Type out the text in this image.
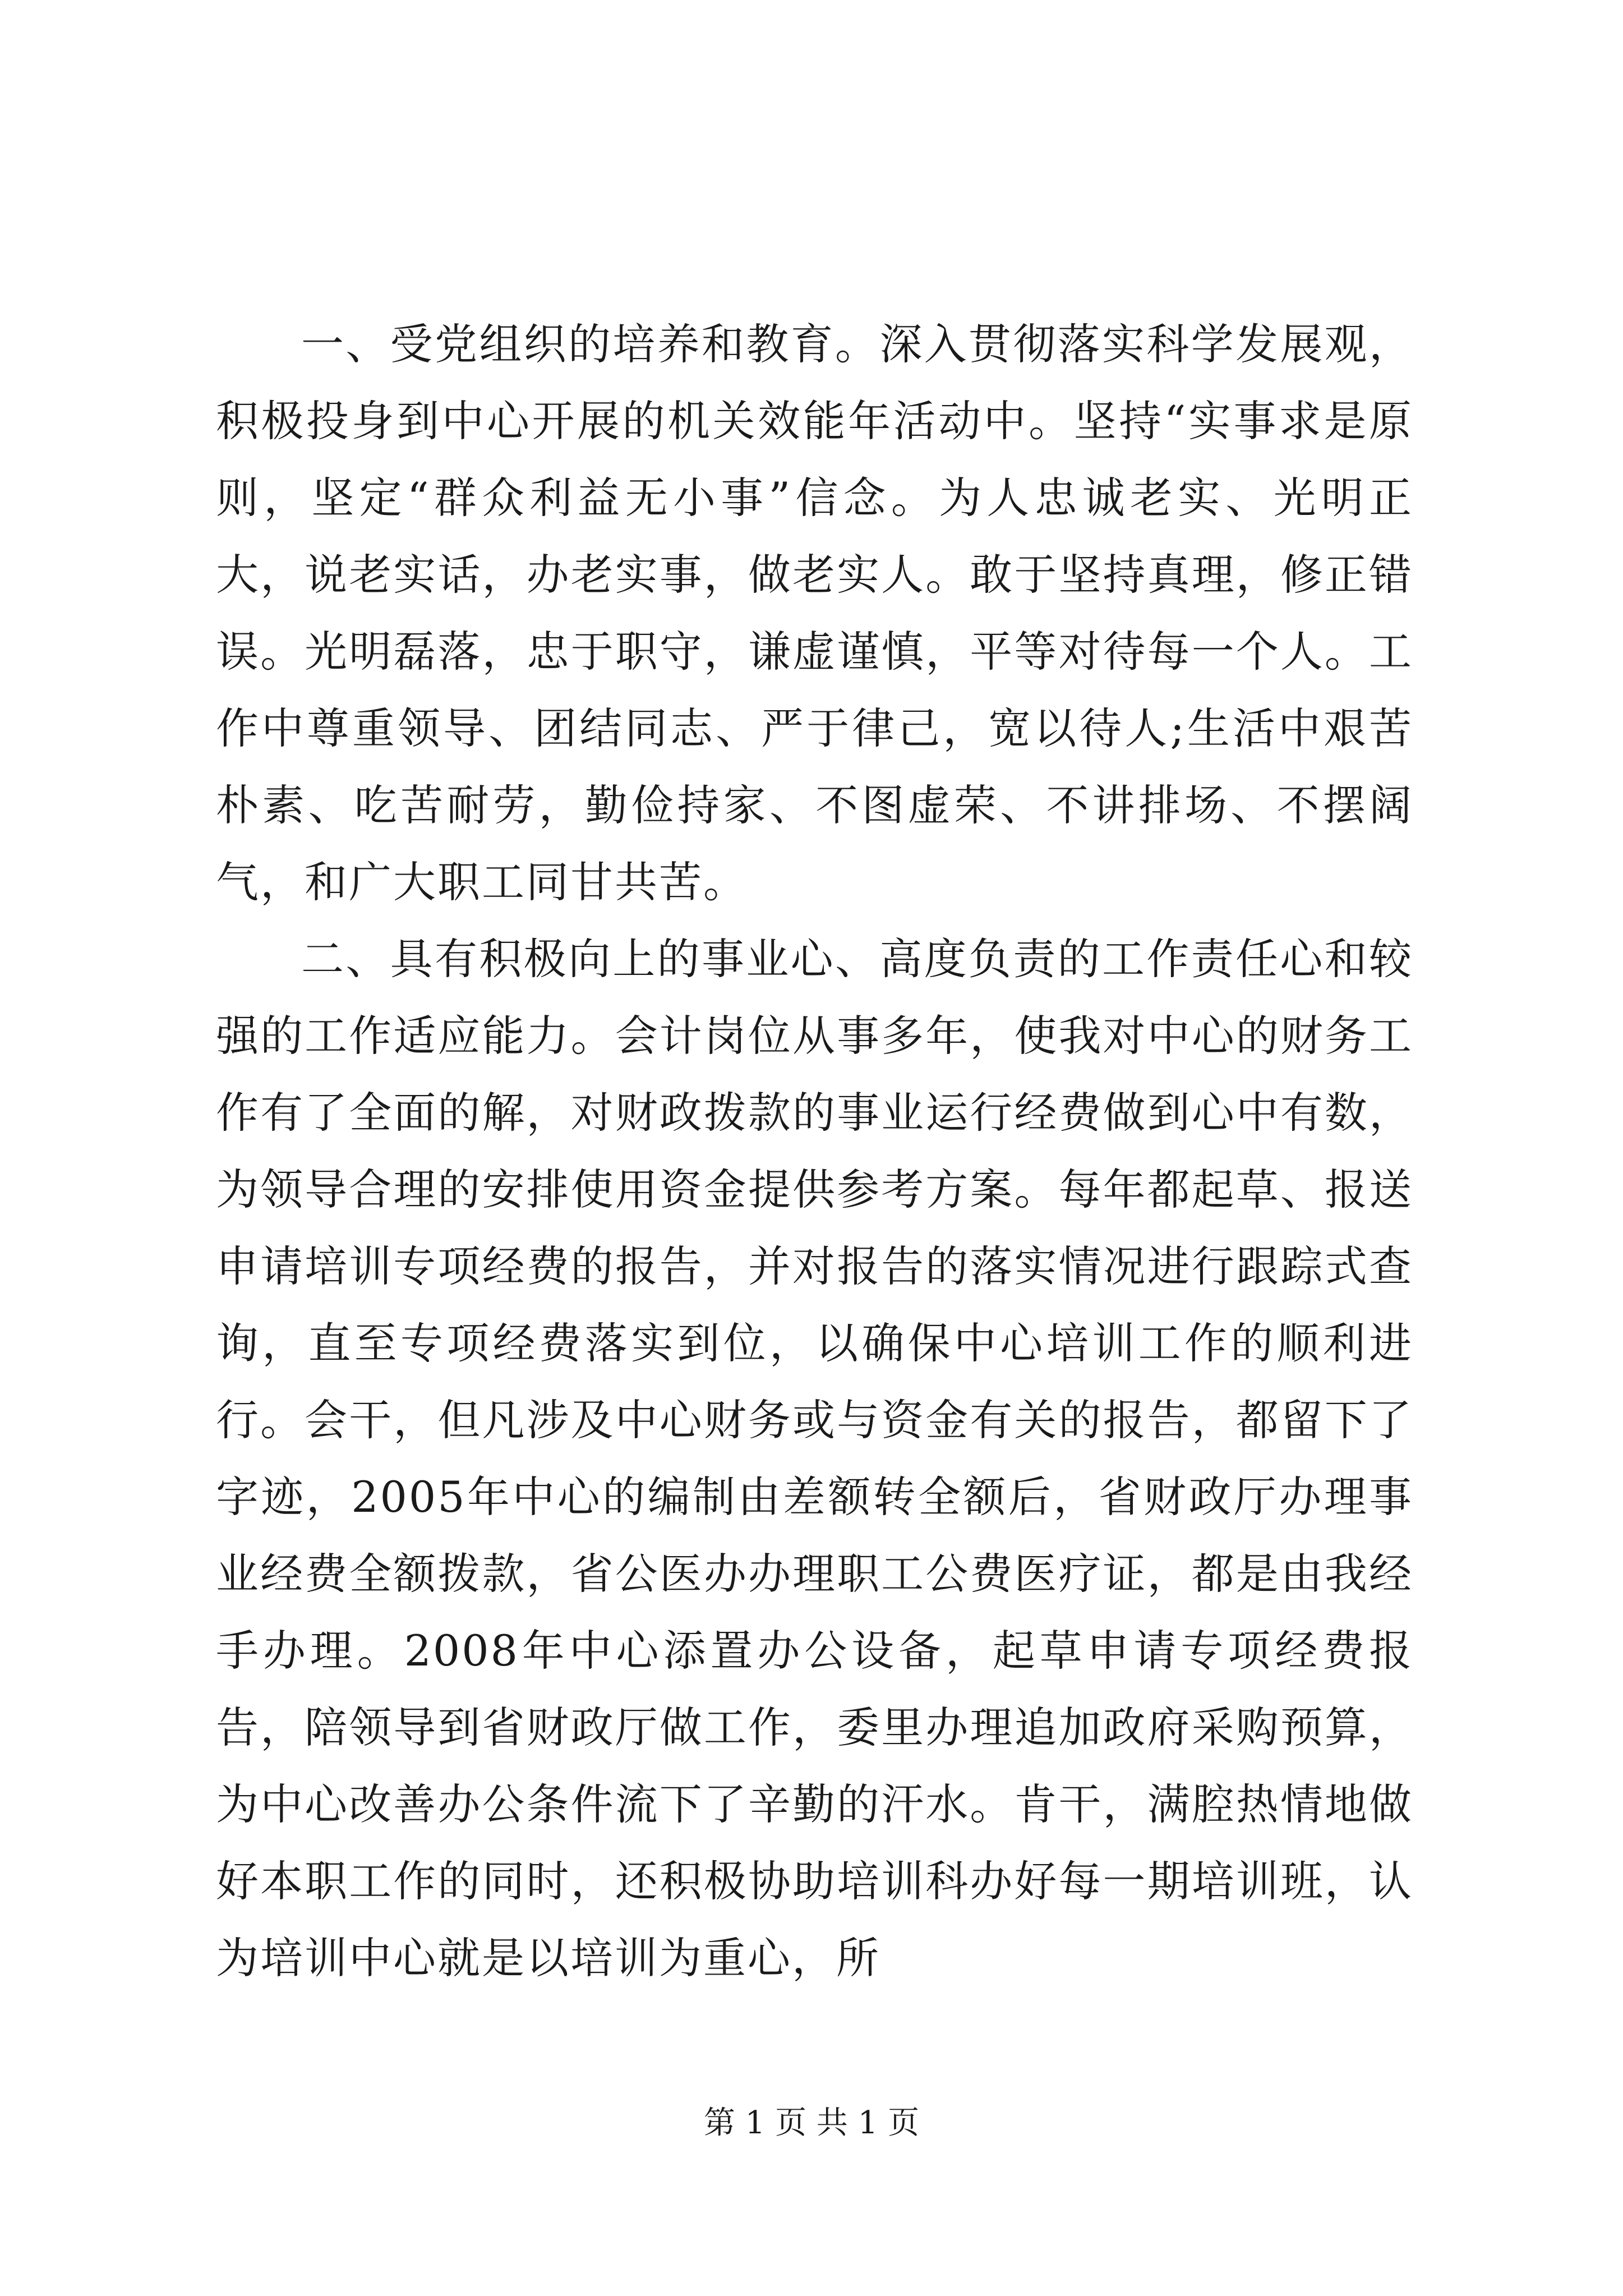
一、受党组织的培养和教育。深入贯彻落实科学发展观，积极投身到中心开展的机关效能年活动中。坚持“实事求是原则，坚定“群众利益无小事”信念。为人忠诚老实、光明正大，说老实话，办老实事，做老实人。敢于坚持真理，修正错误。光明磊落，忠于职守，谦虚谨慎，平等对待每一个人。工作中尊重领导、团结同志、严于律己，宽以待人;生活中艰苦朴素、吃苦耐劳，勤俭持家、不图虚荣、不讲排场、不摆阔气，和广大职工同甘共苦。

二、具有积极向上的事业心、高度负责的工作责任心和较强的工作适应能力。会计岗位从事多年，使我对中心的财务工作有了全面的解，对财政拨款的事业运行经费做到心中有数，为领导合理的安排使用资金提供参考方案。每年都起草、报送申请培训专项经费的报告，并对报告的落实情况进行跟踪式查询，直至专项经费落实到位，以确保中心培训工作的顺利进行。会干，但凡涉及中心财务或与资金有关的报告，都留下了字迹，2005年中心的编制由差额转全额后，省财政厅办理事业经费全额拨款，省公医办办理职工公费医疗证，都是由我经手办理。2008年中心添置办公设备，起草申请专项经费报告，陪领导到省财政厅做工作，委里办理追加政府采购预算，为中心改善办公条件流下了辛勤的汗水。肯干，满腔热情地做好本职工作的同时，还积极协助培训科办好每一期培训班，认为培训中心就是以培训为重心，所

第 1 页 共 1 页
